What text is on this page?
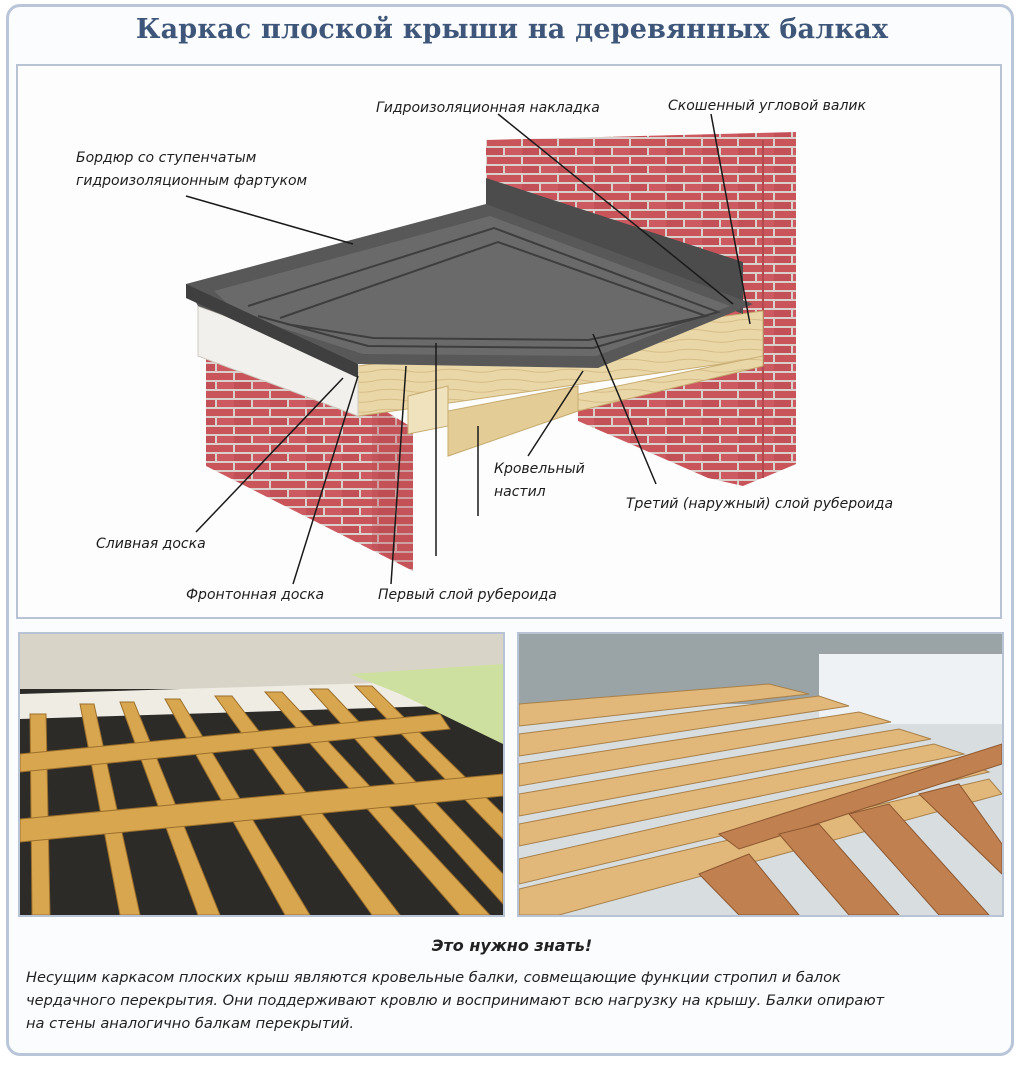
Каркас плоской крыши на деревянных балках
Гидроизоляционная накладка	Скошенный угловой валик
Бордюр со ступенчатым
гидроизоляционным фартуком
Кровельный
настил
Третий (наружный) слой рубероида
Сливная доска
Фронтонная доска	Первый слой рубероида
Это нужно знать!
Несущим каркасом плоских крыш являются кровельные балки, совмещающие функции стропил и балок
чердачного перекрытия. Они поддерживают кровлю и воспринимают всю нагрузку на крышу. Балки опирают
на стены аналогично балкам перекрытий.
